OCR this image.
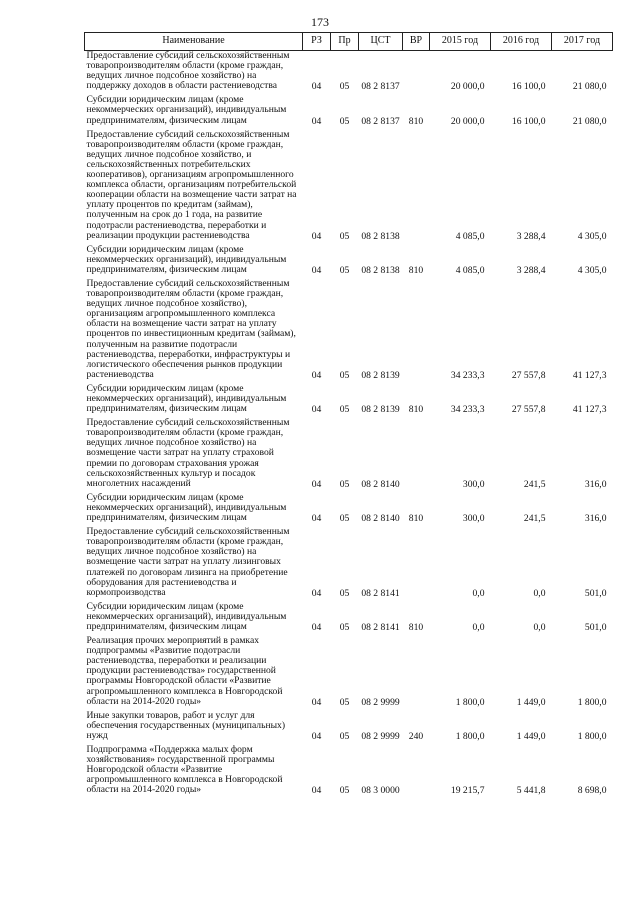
173
Наименование	РЗ	Пр	ЦСТ	ВР	2015 год	2016 год	2017 год
Предоставление субсидий сельскохозяйственным товаропроизводителям области (кроме граждан, ведущих личное подсобное хозяйство) на поддержку доходов в области растениеводства	04	05	08 2 8137		20 000,0	16 100,0	21 080,0
Субсидии юридическим лицам (кроме некоммерческих организаций), индивидуальным предпринимателям, физическим лицам	04	05	08 2 8137	810	20 000,0	16 100,0	21 080,0
Предоставление субсидий сельскохозяйственным товаропроизводителям области (кроме граждан, ведущих личное подсобное хозяйство, и сельскохозяйственных потребительских кооперативов), организациям агропромышленного комплекса области, организациям потребительской кооперации области на возмещение части затрат на уплату процентов по кредитам (займам), полученным на срок до 1 года, на развитие подотрасли растениеводства, переработки и реализации продукции растениеводства	04	05	08 2 8138		4 085,0	3 288,4	4 305,0
Субсидии юридическим лицам (кроме некоммерческих организаций), индивидуальным предпринимателям, физическим лицам	04	05	08 2 8138	810	4 085,0	3 288,4	4 305,0
Предоставление субсидий сельскохозяйственным товаропроизводителям области (кроме граждан, ведущих личное подсобное хозяйство), организациям агропромышленного комплекса области на возмещение части затрат на уплату процентов по инвестиционным кредитам (займам), полученным на развитие подотрасли растениеводства, переработки, инфраструктуры и логистического обеспечения рынков продукции растениеводства	04	05	08 2 8139		34 233,3	27 557,8	41 127,3
Субсидии юридическим лицам (кроме некоммерческих организаций), индивидуальным предпринимателям, физическим лицам	04	05	08 2 8139	810	34 233,3	27 557,8	41 127,3
Предоставление субсидий сельскохозяйственным товаропроизводителям области (кроме граждан, ведущих личное подсобное хозяйство) на возмещение части затрат на уплату страховой премии по договорам страхования урожая сельскохозяйственных культур и посадок многолетних насаждений	04	05	08 2 8140		300,0	241,5	316,0
Субсидии юридическим лицам (кроме некоммерческих организаций), индивидуальным предпринимателям, физическим лицам	04	05	08 2 8140	810	300,0	241,5	316,0
Предоставление субсидий сельскохозяйственным товаропроизводителям области (кроме граждан, ведущих личное подсобное хозяйство) на возмещение части затрат на уплату лизинговых платежей по договорам лизинга на приобретение оборудования для растениеводства и кормопроизводства	04	05	08 2 8141		0,0	0,0	501,0
Субсидии юридическим лицам (кроме некоммерческих организаций), индивидуальным предпринимателям, физическим лицам	04	05	08 2 8141	810	0,0	0,0	501,0
Реализация прочих мероприятий в рамках подпрограммы «Развитие подотрасли растениеводства, переработки и реализации продукции растениеводства» государственной программы Новгородской области «Развитие агропромышленного комплекса в Новгородской области на 2014-2020 годы»	04	05	08 2 9999		1 800,0	1 449,0	1 800,0
Иные закупки товаров, работ и услуг для обеспечения государственных (муниципальных) нужд	04	05	08 2 9999	240	1 800,0	1 449,0	1 800,0
Подпрограмма «Поддержка малых форм хозяйствования» государственной программы Новгородской области «Развитие агропромышленного комплекса в Новгородской области на 2014-2020 годы»	04	05	08 3 0000		19 215,7	5 441,8	8 698,0
